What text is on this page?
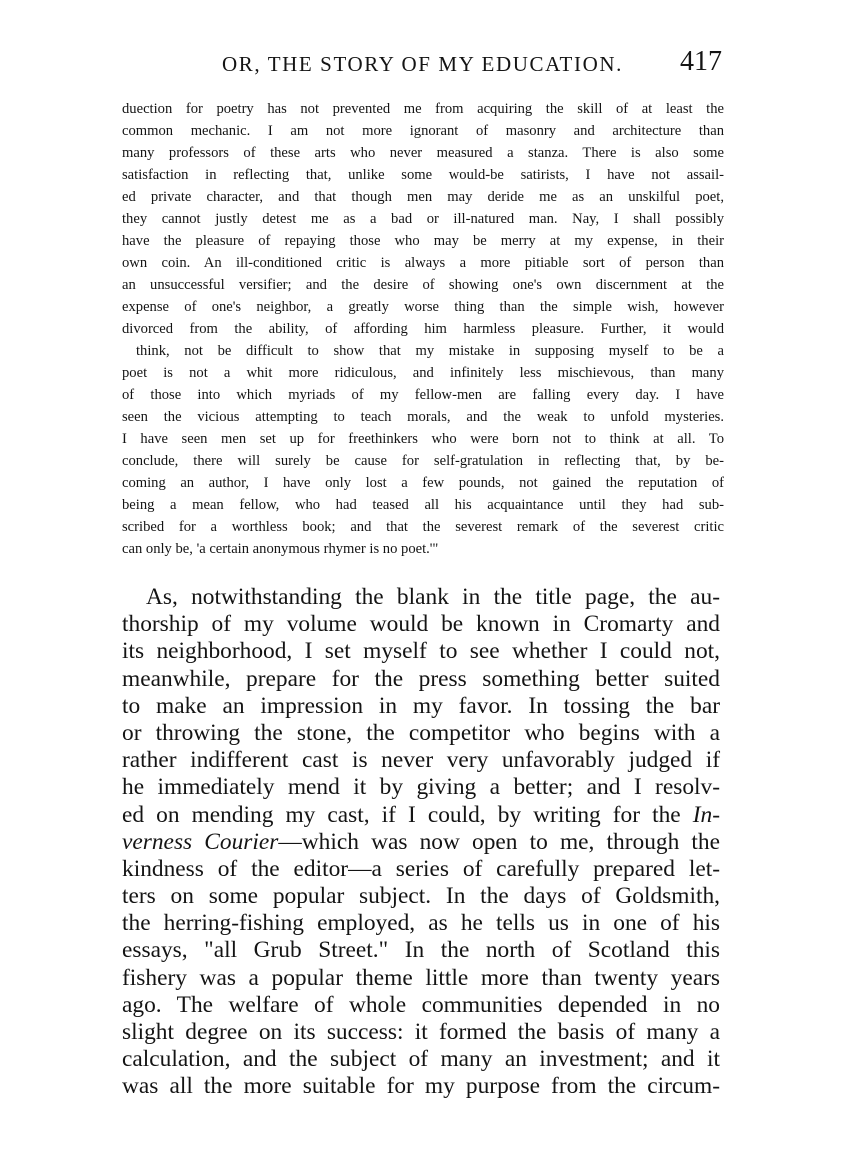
OR, THE STORY OF MY EDUCATION. 417
duection for poetry has not prevented me from acquiring the skill of at least the
common mechanic. I am not more ignorant of masonry and architecture than
many professors of these arts who never measured a stanza. There is also some
satisfaction in reflecting that, unlike some would-be satirists, I have not assail-
ed private character, and that though men may deride me as an unskilful poet,
they cannot justly detest me as a bad or ill-natured man. Nay, I shall possibly
have the pleasure of repaying those who may be merry at my expense, in their
own coin. An ill-conditioned critic is always a more pitiable sort of person than
an unsuccessful versifier; and the desire of showing one's own discernment at the
expense of one's neighbor, a greatly worse thing than the simple wish, however
divorced from the ability, of affording him harmless pleasure. Further, it would
think, not be difficult to show that my mistake in supposing myself to be a
poet is not a whit more ridiculous, and infinitely less mischievous, than many
of those into which myriads of my fellow-men are falling every day. I have
seen the vicious attempting to teach morals, and the weak to unfold mysteries.
I have seen men set up for freethinkers who were born not to think at all. To
conclude, there will surely be cause for self-gratulation in reflecting that, by be-
coming an author, I have only lost a few pounds, not gained the reputation of
being a mean fellow, who had teased all his acquaintance until they had sub-
scribed for a worthless book; and that the severest remark of the severest critic
can only be, 'a certain anonymous rhymer is no poet.'"
As, notwithstanding the blank in the title page, the au-
thorship of my volume would be known in Cromarty and
its neighborhood, I set myself to see whether I could not,
meanwhile, prepare for the press something better suited
to make an impression in my favor. In tossing the bar
or throwing the stone, the competitor who begins with a
rather indifferent cast is never very unfavorably judged if
he immediately mend it by giving a better; and I resolv-
ed on mending my cast, if I could, by writing for the In-
verness Courier—which was now open to me, through the
kindness of the editor—a series of carefully prepared let-
ters on some popular subject. In the days of Goldsmith,
the herring-fishing employed, as he tells us in one of his
essays, "all Grub Street." In the north of Scotland this
fishery was a popular theme little more than twenty years
ago. The welfare of whole communities depended in no
slight degree on its success: it formed the basis of many a
calculation, and the subject of many an investment; and it
was all the more suitable for my purpose from the circum-
